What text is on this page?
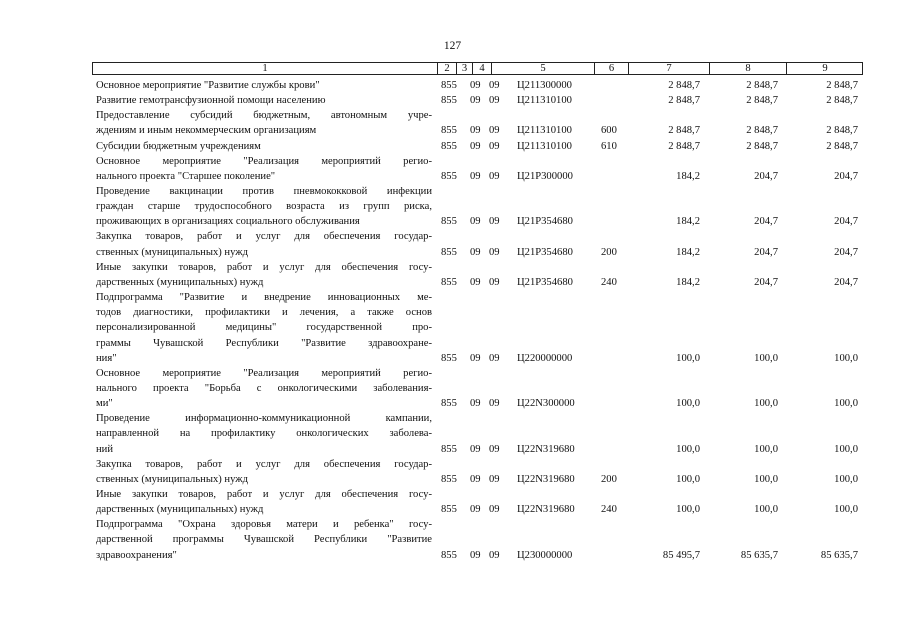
127
1	2	3	4	5	6	7	8	9
Основное мероприятие "Развитие службы крови"	855 09 09 Ц211300000	2 848,7	2 848,7	2 848,7
Развитие гемотрансфузионной помощи населению	855 09 09 Ц211310100	2 848,7	2 848,7	2 848,7
Предоставление субсидий бюджетным, автономным учре-
ждениям и иным некоммерческим организациям	855 09 09 Ц211310100	600	2 848,7	2 848,7	2 848,7
Субсидии бюджетным учреждениям	855 09 09 Ц211310100	610	2 848,7	2 848,7	2 848,7
Основное мероприятие "Реализация мероприятий регио-
нального проекта "Старшее поколение"	855 09 09 Ц21P300000	184,2	204,7	204,7
Проведение вакцинации против пневмококковой инфекции
граждан старше трудоспособного возраста из групп риска,
проживающих в организациях социального обслуживания	855 09 09 Ц21P354680	184,2	204,7	204,7
Закупка товаров, работ и услуг для обеспечения государ-
ственных (муниципальных) нужд	855 09 09 Ц21P354680	200	184,2	204,7	204,7
Иные закупки товаров, работ и услуг для обеспечения госу-
дарственных (муниципальных) нужд	855 09 09 Ц21P354680	240	184,2	204,7	204,7
Подпрограмма "Развитие и внедрение инновационных ме-
тодов диагностики, профилактики и лечения, а также основ
персонализированной медицины" государственной про-
граммы Чувашской Республики "Развитие здравоохране-
ния"	855 09 09 Ц220000000	100,0	100,0	100,0
Основное мероприятие "Реализация мероприятий регио-
нального проекта "Борьба с онкологическими заболевания-
ми"	855 09 09 Ц22N300000	100,0	100,0	100,0
Проведение информационно-коммуникационной кампании,
направленной на профилактику онкологических заболева-
ний	855 09 09 Ц22N319680	100,0	100,0	100,0
Закупка товаров, работ и услуг для обеспечения государ-
ственных (муниципальных) нужд	855 09 09 Ц22N319680 200	100,0	100,0	100,0
Иные закупки товаров, работ и услуг для обеспечения госу-
дарственных (муниципальных) нужд	855 09 09 Ц22N319680 240	100,0	100,0	100,0
Подпрограмма "Охрана здоровья матери и ребенка" госу-
дарственной программы Чувашской Республики "Развитие
здравоохранения"	855 09 09 Ц230000000	85 495,7	85 635,7	85 635,7
